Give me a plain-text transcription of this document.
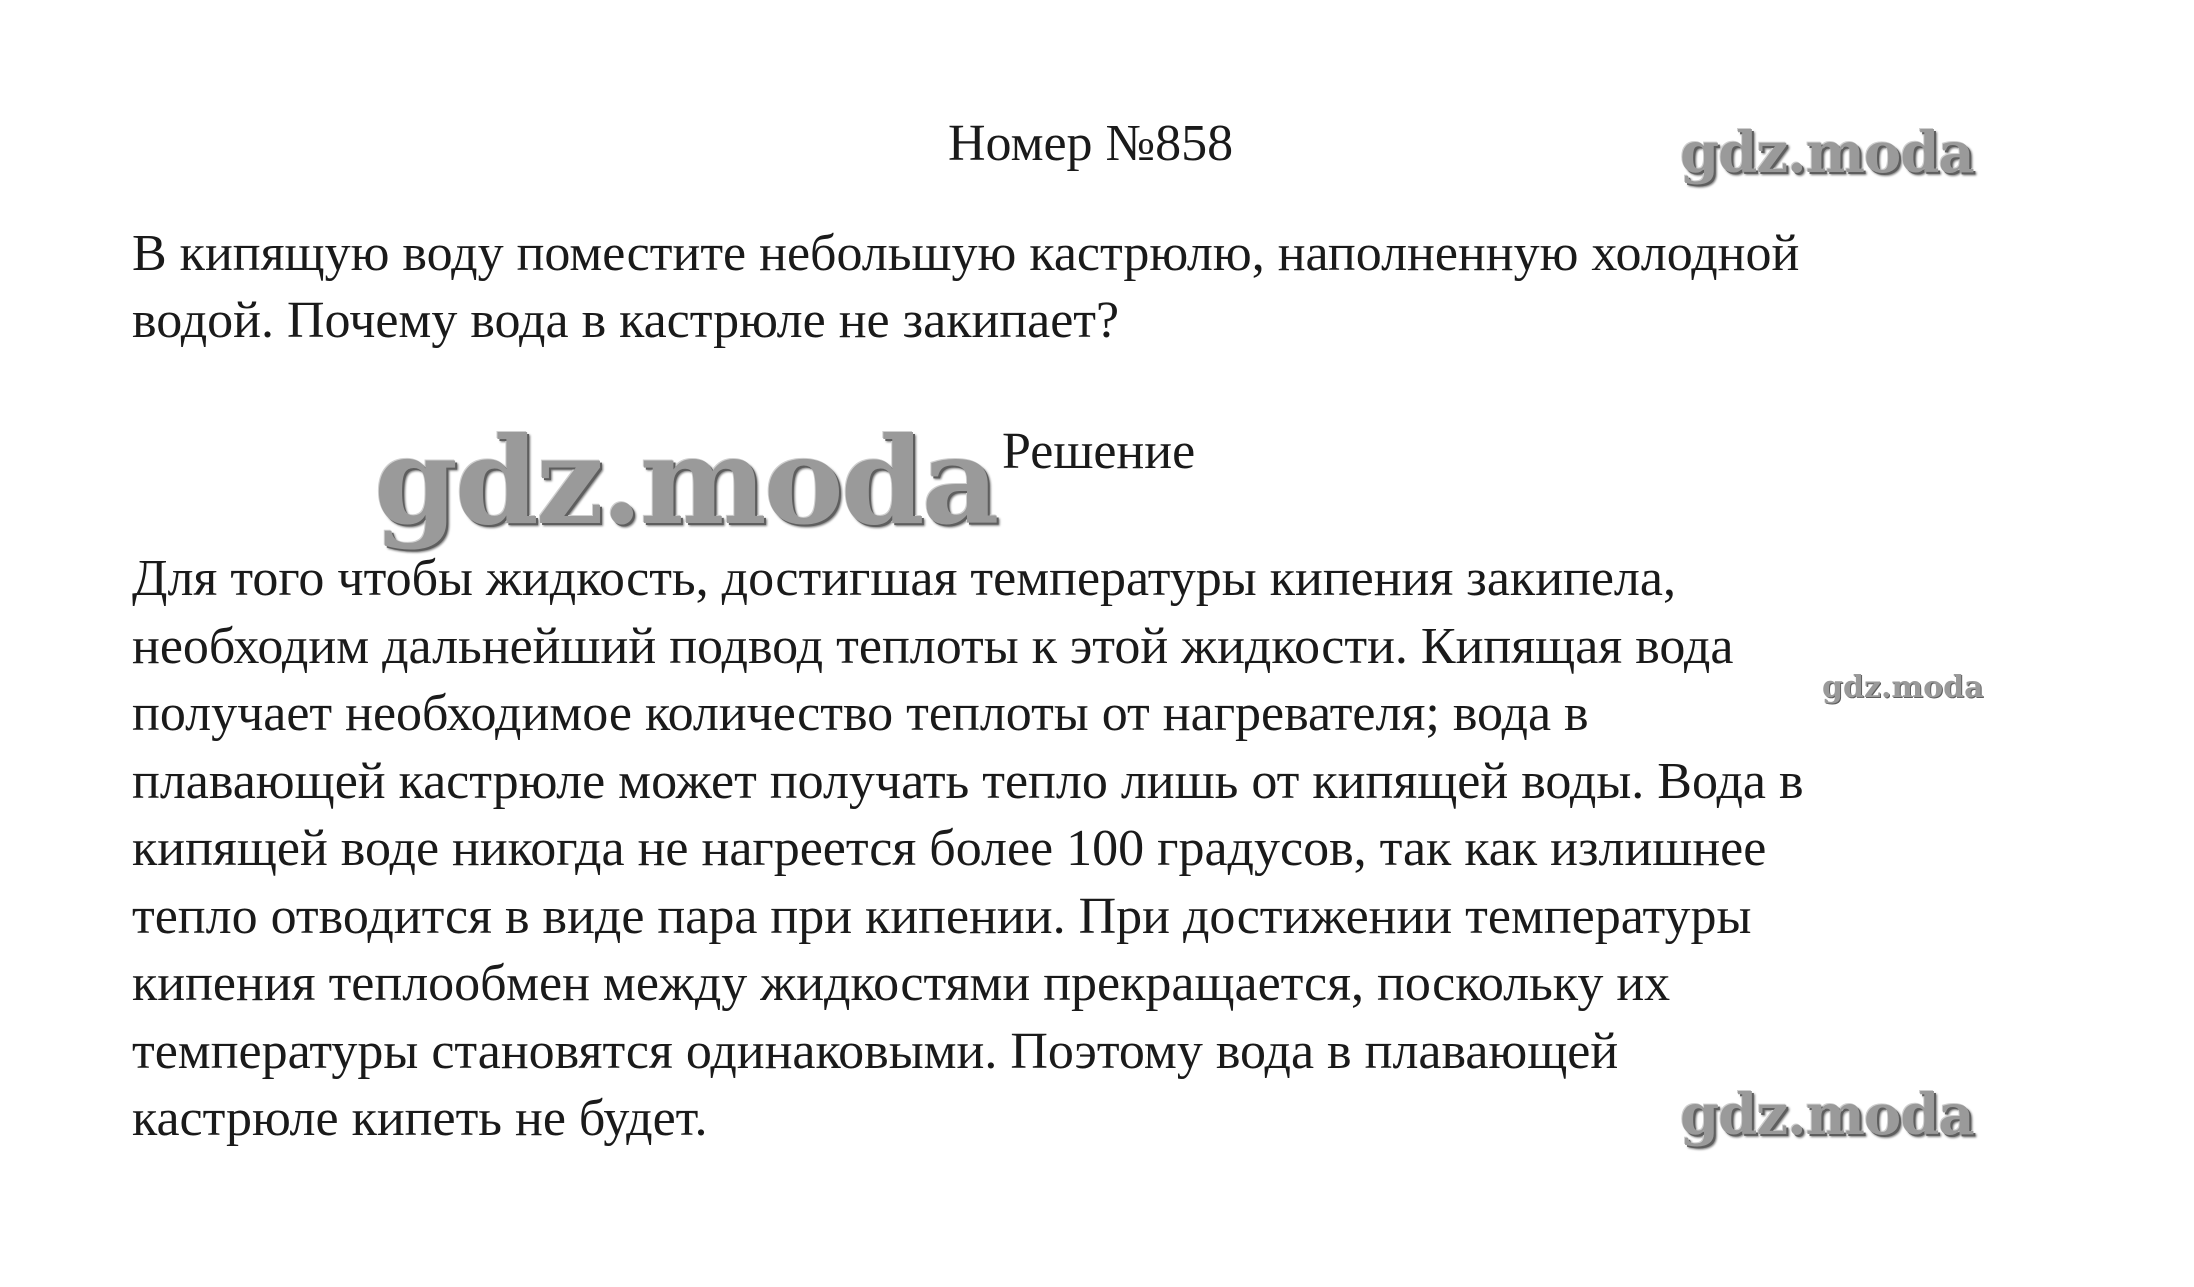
Номер №858	gdz.moda
В кипящую воду поместите небольшую кастрюлю, наполненную холодной
водой. Почему вода в кастрюле не закипает?
gdz.moda Решение
Для того чтобы жидкость, достигшая температуры кипения закипела,
необходим дальнейший подвод теплоты к этой жидкости. Кипящая вода
получает необходимое количество теплоты от нагревателя; вода в
плавающей кастрюле может получать тепло лишь от кипящей воды. Вода в
кипящей воде никогда не нагреется более 100 градусов, так как излишнее
тепло отводится в виде пара при кипении. При достижении температуры
кипения теплообмен между жидкостями прекращается, поскольку их
температуры становятся одинаковыми. Поэтому вода в плавающей
кастрюле кипеть не будет.
gdz.moda
gdz.moda
